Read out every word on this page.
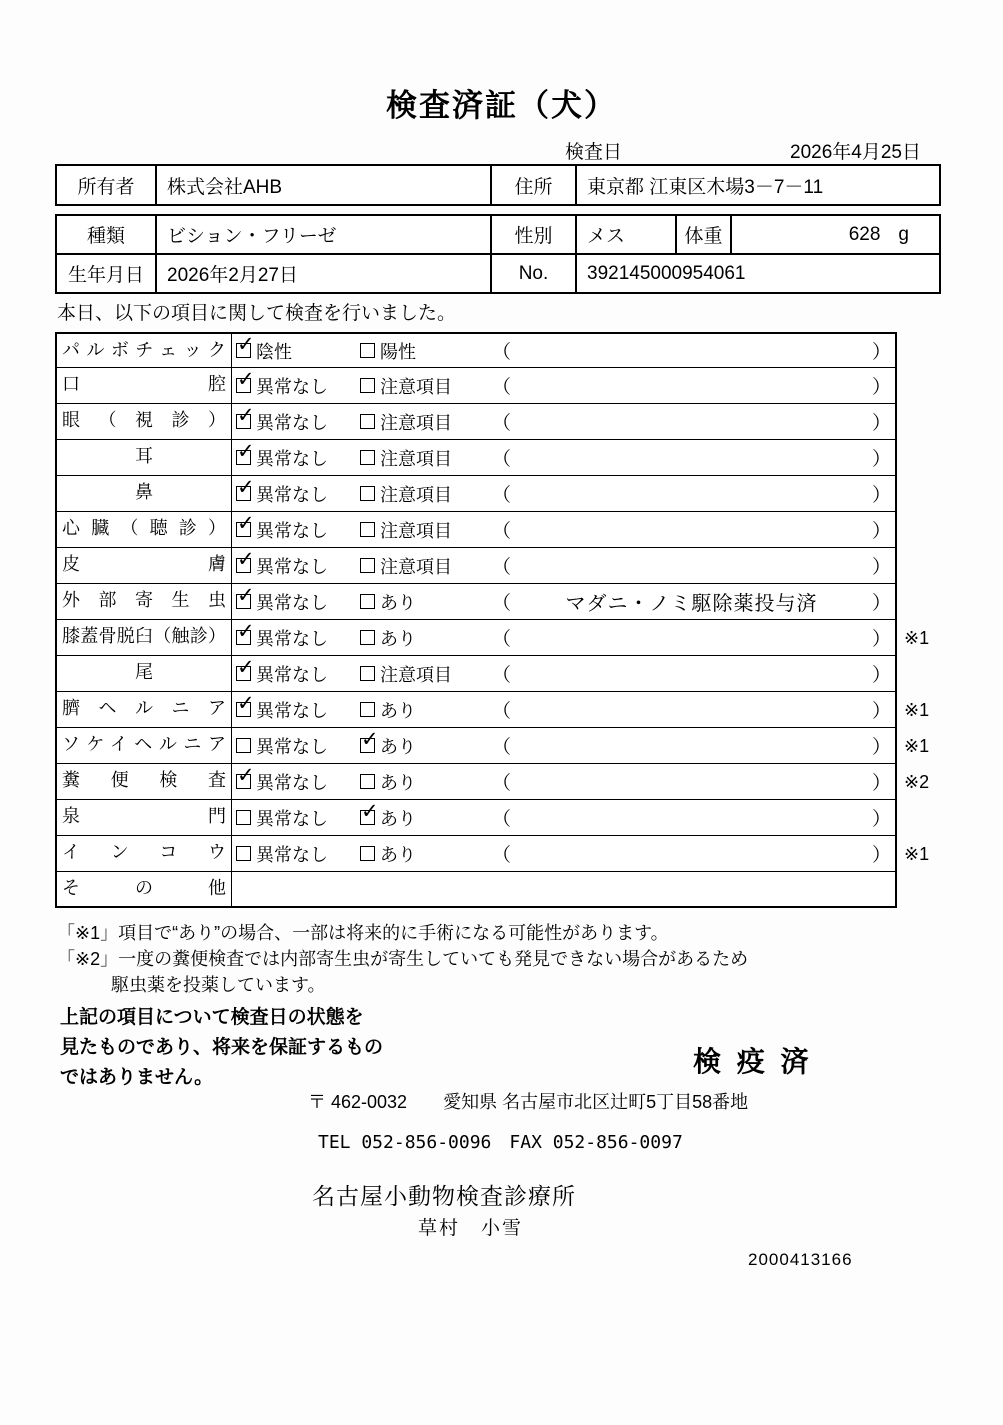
検査済証（犬）
検査日	2026年4月25日
所有者	株式会社AHB	住所	東京都 江東区木場3－7－11
種類	ビション・フリーゼ	性別	メス	体重	628 g
生年月日	2026年2月27日	No.	392145000954061
本日、以下の項目に関して検査を行いました。
パルボチェック ✓	陰性	陽性	（	）
口腔 ✓	異常なし	注意項目 （	）
眼（視診） ✓	異常なし	注意項目 （	）
耳 ✓	異常なし	注意項目 （	）
鼻 ✓	異常なし	注意項目 （	）
心臓（聴診） ✓	異常なし	注意項目 （	）
皮膚 ✓	異常なし	注意項目 （	）
外部寄生虫 ✓	異常なし	あり	（	マダニ・ノミ駆除薬投与済	）
膝蓋骨脱臼（触診） ✓	異常なし	あり	（	） ※1
尾 ✓	異常なし	注意項目 （	）
臍ヘルニア ✓	異常なし	あり	（	） ※1
ソケイヘルニア	異常なし ✓	あり	（	） ※1
糞便検査 ✓	異常なし	あり	（	） ※2
泉門	異常なし ✓	あり	（	）
インコウ	異常なし	あり	（	） ※1
その他
「※1」項目で“あり”の場合、一部は将来的に手術になる可能性があります。
「※2」一度の糞便検査では内部寄生虫が寄生していても発見できない場合があるため
駆虫薬を投薬しています。
上記の項目について検査日の状態を
見たものであり、将来を保証するもの
ではありません。
検 疫 済
〒 462-0032　　愛知県 名古屋市北区辻町5丁目58番地
TEL 052-856-0096　FAX 052-856-0097
名古屋小動物検査診療所
草村　小雪
2000413166
